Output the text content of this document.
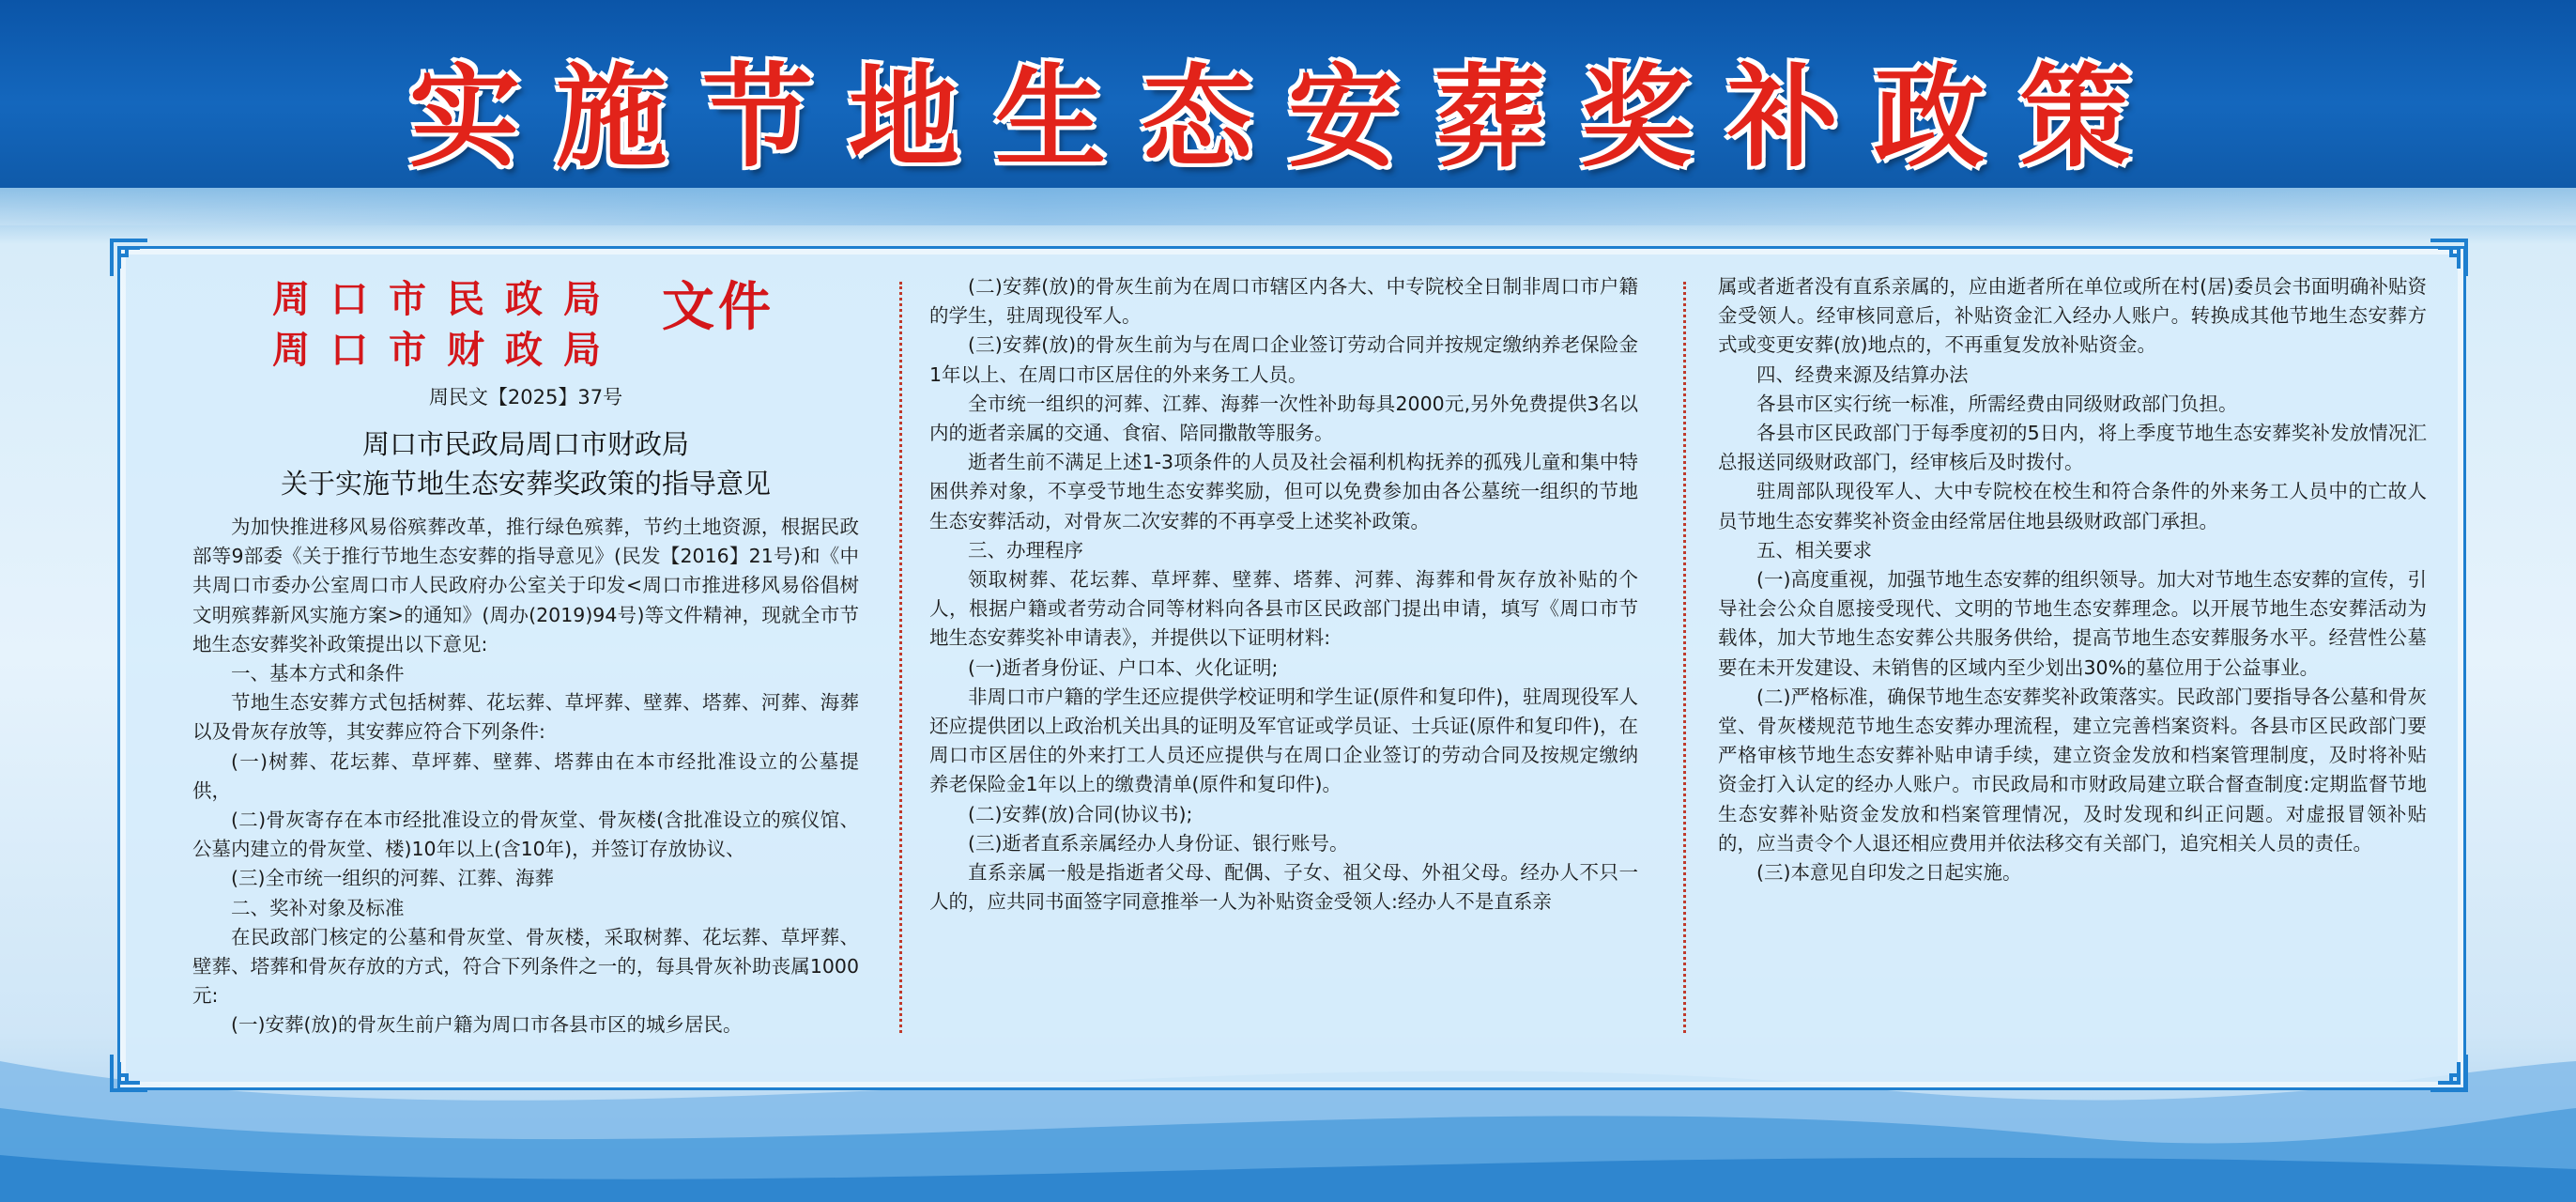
实施节地生态安葬奖补政策
周口市民政局
周口市财政局
文件

周民文【2025】37号

周口市民政局周口市财政局

关于实施节地生态安葬奖政策的指导意见

为加快推进移风易俗殡葬改革，推行绿色殡葬，节约土地资源，根据民政部等9部委《关于推行节地生态安葬的指导意见》(民发【2016】21号)和《中共周口市委办公室周口市人民政府办公室关于印发<周口市推进移风易俗倡树文明殡葬新风实施方案>的通知》(周办(2019)94号)等文件精神，现就全市节地生态安葬奖补政策提出以下意见:

一、基本方式和条件

节地生态安葬方式包括树葬、花坛葬、草坪葬、壁葬、塔葬、河葬、海葬以及骨灰存放等，其安葬应符合下列条件:

(一)树葬、花坛葬、草坪葬、壁葬、塔葬由在本市经批准设立的公墓提供，

(二)骨灰寄存在本市经批准设立的骨灰堂、骨灰楼(含批准设立的殡仪馆、公墓内建立的骨灰堂、楼)10年以上(含10年)，并签订存放协议、

(三)全市统一组织的河葬、江葬、海葬

二、奖补对象及标准

在民政部门核定的公墓和骨灰堂、骨灰楼，采取树葬、花坛葬、草坪葬、壁葬、塔葬和骨灰存放的方式，符合下列条件之一的，每具骨灰补助丧属1000元:

(一)安葬(放)的骨灰生前户籍为周口市各县市区的城乡居民。

(二)安葬(放)的骨灰生前为在周口市辖区内各大、中专院校全日制非周口市户籍的学生，驻周现役军人。

(三)安葬(放)的骨灰生前为与在周口企业签订劳动合同并按规定缴纳养老保险金1年以上、在周口市区居住的外来务工人员。

全市统一组织的河葬、江葬、海葬一次性补助每具2000元,另外免费提供3名以内的逝者亲属的交通、食宿、陪同撒散等服务。

逝者生前不满足上述1-3项条件的人员及社会福利机构抚养的孤残儿童和集中特困供养对象，不享受节地生态安葬奖励，但可以免费参加由各公墓统一组织的节地生态安葬活动，对骨灰二次安葬的不再享受上述奖补政策。

三、办理程序

领取树葬、花坛葬、草坪葬、壁葬、塔葬、河葬、海葬和骨灰存放补贴的个人，根据户籍或者劳动合同等材料向各县市区民政部门提出申请，填写《周口市节地生态安葬奖补申请表》，并提供以下证明材料:

(一)逝者身份证、户口本、火化证明;

非周口市户籍的学生还应提供学校证明和学生证(原件和复印件)，驻周现役军人还应提供团以上政治机关出具的证明及军官证或学员证、士兵证(原件和复印件)，在周口市区居住的外来打工人员还应提供与在周口企业签订的劳动合同及按规定缴纳养老保险金1年以上的缴费清单(原件和复印件)。

(二)安葬(放)合同(协议书);

(三)逝者直系亲属经办人身份证、银行账号。

直系亲属一般是指逝者父母、配偶、子女、祖父母、外祖父母。经办人不只一人的，应共同书面签字同意推举一人为补贴资金受领人:经办人不是直系亲

属或者逝者没有直系亲属的，应由逝者所在单位或所在村(居)委员会书面明确补贴资金受领人。经审核同意后，补贴资金汇入经办人账户。转换成其他节地生态安葬方式或变更安葬(放)地点的，不再重复发放补贴资金。

四、经费来源及结算办法

各县市区实行统一标准，所需经费由同级财政部门负担。

各县市区民政部门于每季度初的5日内，将上季度节地生态安葬奖补发放情况汇总报送同级财政部门，经审核后及时拨付。

驻周部队现役军人、大中专院校在校生和符合条件的外来务工人员中的亡故人员节地生态安葬奖补资金由经常居住地县级财政部门承担。

五、相关要求

(一)高度重视，加强节地生态安葬的组织领导。加大对节地生态安葬的宣传，引导社会公众自愿接受现代、文明的节地生态安葬理念。以开展节地生态安葬活动为载体，加大节地生态安葬公共服务供给，提高节地生态安葬服务水平。经营性公墓要在未开发建设、未销售的区域内至少划出30%的墓位用于公益事业。

(二)严格标准，确保节地生态安葬奖补政策落实。民政部门要指导各公墓和骨灰堂、骨灰楼规范节地生态安葬办理流程，建立完善档案资料。各县市区民政部门要严格审核节地生态安葬补贴申请手续，建立资金发放和档案管理制度，及时将补贴资金打入认定的经办人账户。市民政局和市财政局建立联合督查制度:定期监督节地生态安葬补贴资金发放和档案管理情况，及时发现和纠正问题。对虚报冒领补贴的，应当责令个人退还相应费用并依法移交有关部门，追究相关人员的责任。

(三)本意见自印发之日起实施。
